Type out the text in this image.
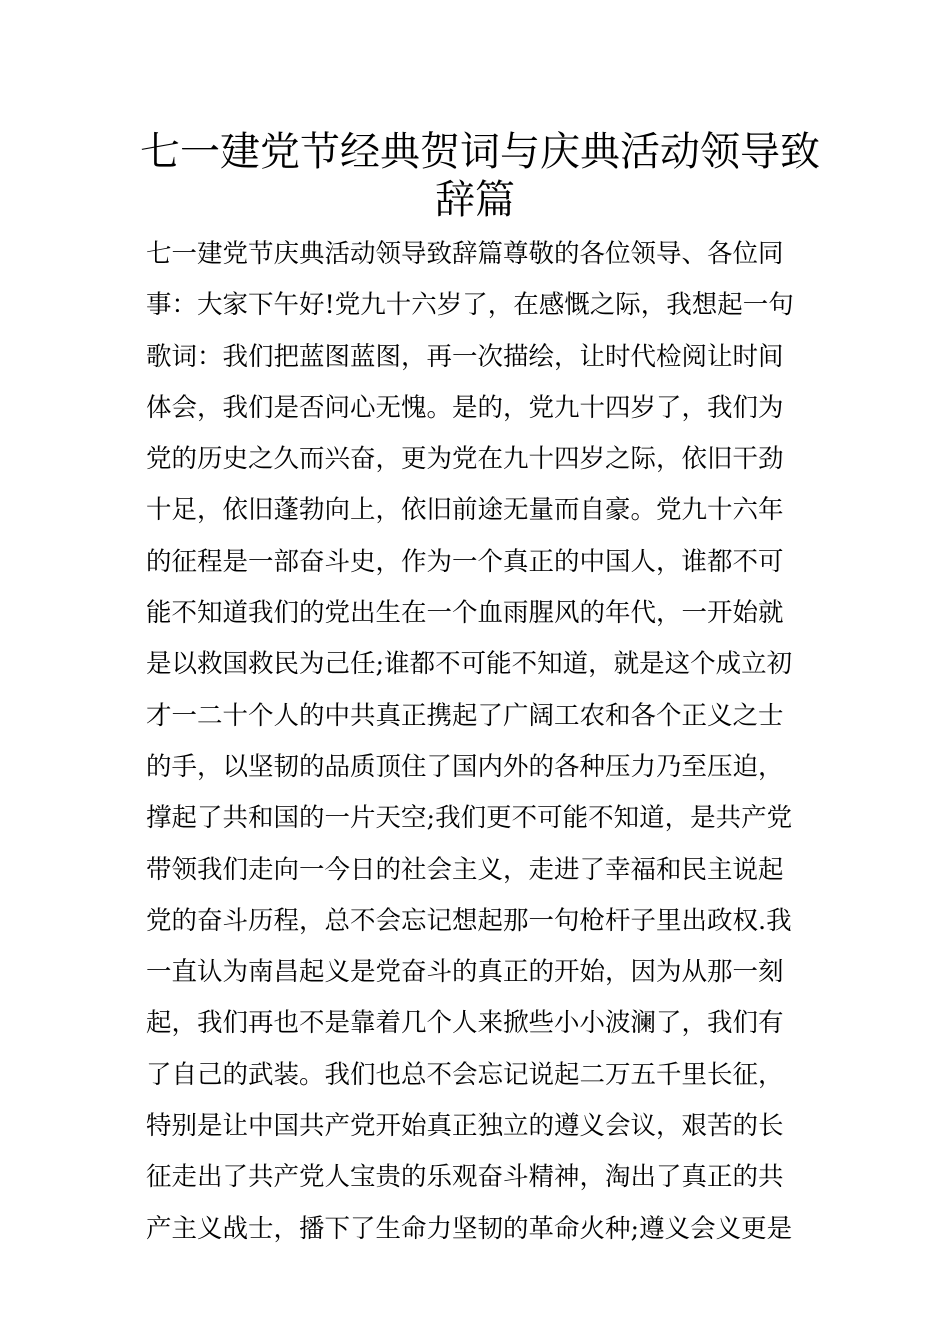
七一建党节经典贺词与庆典活动领导致
辞篇
七一建党节庆典活动领导致辞篇尊敬的各位领导、各位同
事：大家下午好!党九十六岁了，在感慨之际，我想起一句
歌词：我们把蓝图蓝图，再一次描绘，让时代检阅让时间
体会，我们是否问心无愧。是的，党九十四岁了，我们为
党的历史之久而兴奋，更为党在九十四岁之际，依旧干劲
十足，依旧蓬勃向上，依旧前途无量而自豪。党九十六年
的征程是一部奋斗史，作为一个真正的中国人，谁都不可
能不知道我们的党出生在一个血雨腥风的年代，一开始就
是以救国救民为己任;谁都不可能不知道，就是这个成立初
才一二十个人的中共真正携起了广阔工农和各个正义之士
的手，以坚韧的品质顶住了国内外的各种压力乃至压迫，
撑起了共和国的一片天空;我们更不可能不知道，是共产党
带领我们走向一今日的社会主义，走进了幸福和民主说起
党的奋斗历程，总不会忘记想起那一句枪杆子里出政权.我
一直认为南昌起义是党奋斗的真正的开始，因为从那一刻
起，我们再也不是靠着几个人来掀些小小波澜了，我们有
了自己的武装。我们也总不会忘记说起二万五千里长征，
特别是让中国共产党开始真正独立的遵义会议，艰苦的长
征走出了共产党人宝贵的乐观奋斗精神，淘出了真正的共
产主义战士，播下了生命力坚韧的革命火种;遵义会义更是
